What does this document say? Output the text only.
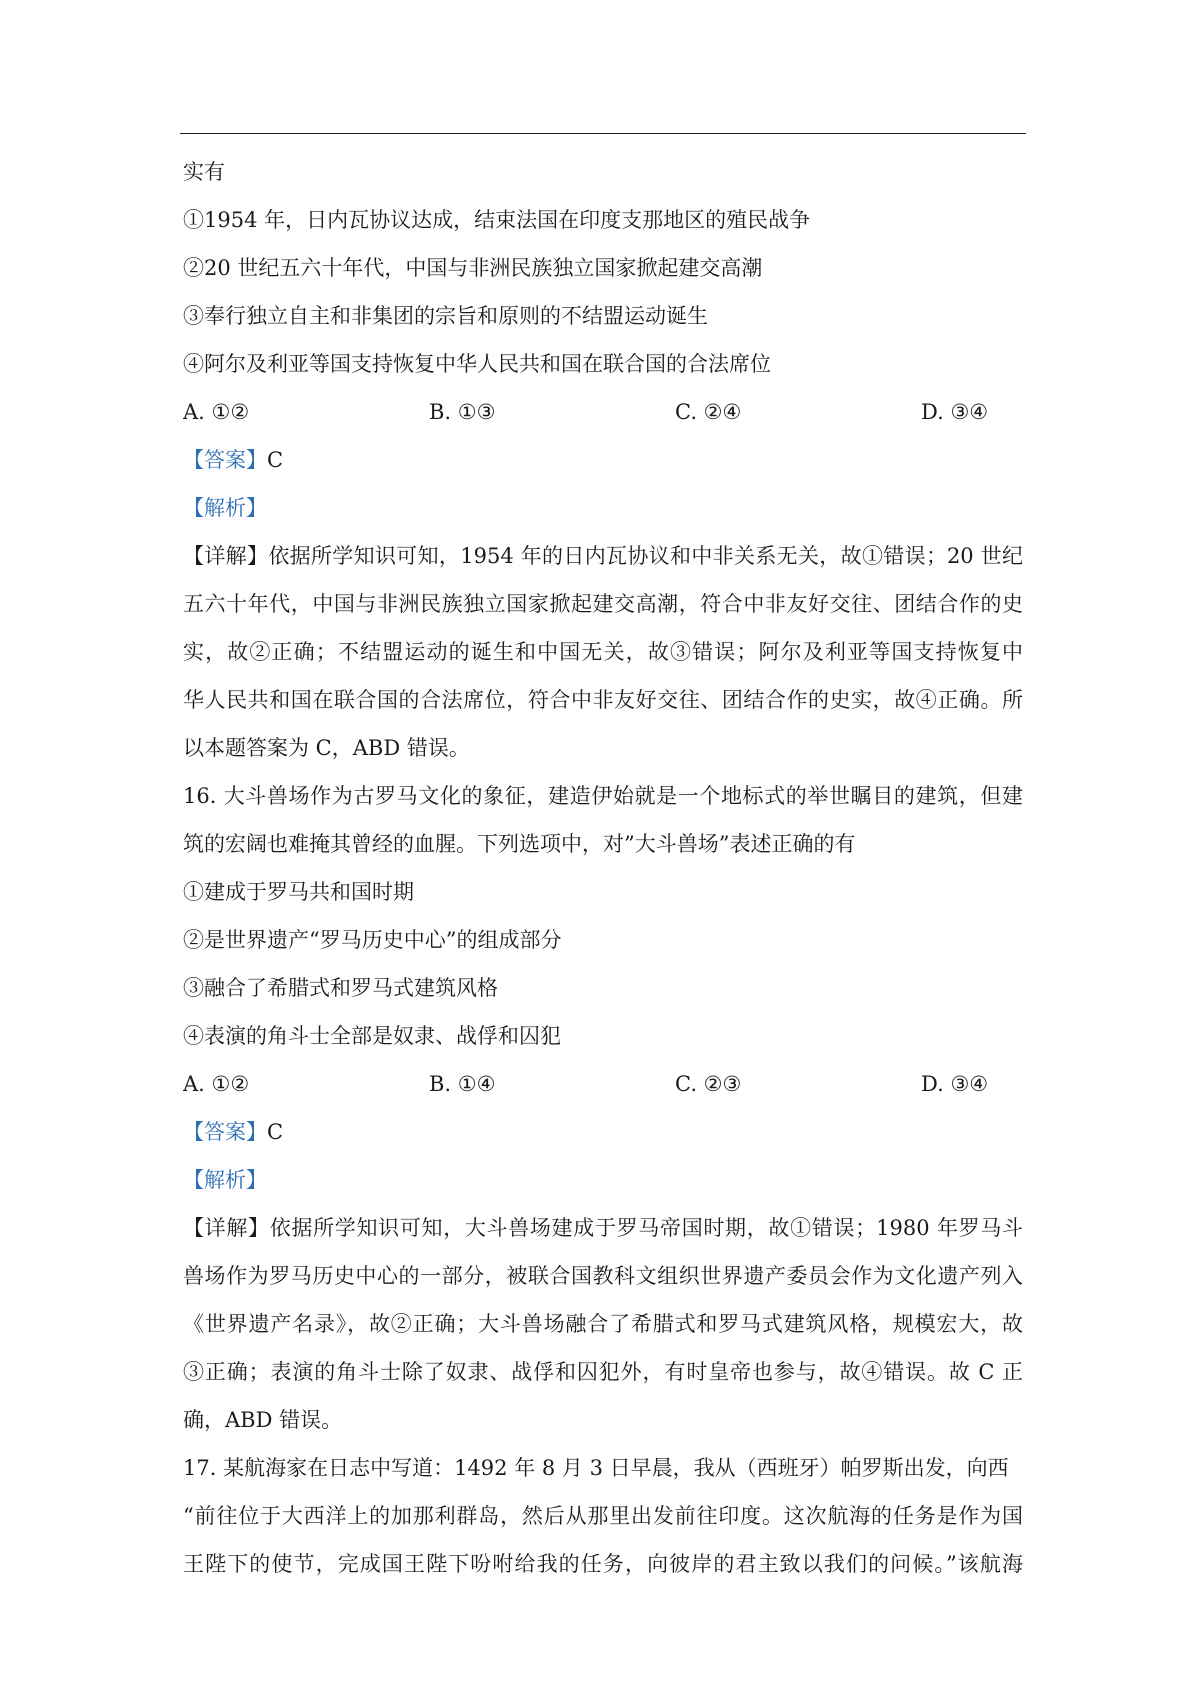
实有
①1954 年，日内瓦协议达成，结束法国在印度支那地区的殖民战争
②20 世纪五六十年代，中国与非洲民族独立国家掀起建交高潮
③奉行独立自主和非集团的宗旨和原则的不结盟运动诞生
④阿尔及利亚等国支持恢复中华人民共和国在联合国的合法席位
A. ①②	B. ①③	C. ②④	D. ③④
【答案】C
【解析】
【详解】依据所学知识可知，1954 年的日内瓦协议和中非关系无关，故①错误；20 世纪
五六十年代，中国与非洲民族独立国家掀起建交高潮，符合中非友好交往、团结合作的史
实，故②正确；不结盟运动的诞生和中国无关，故③错误；阿尔及利亚等国支持恢复中
华人民共和国在联合国的合法席位，符合中非友好交往、团结合作的史实，故④正确。所
以本题答案为 C，ABD 错误。
16. 大斗兽场作为古罗马文化的象征，建造伊始就是一个地标式的举世瞩目的建筑，但建
筑的宏阔也难掩其曾经的血腥。下列选项中，对”大斗兽场”表述正确的有
①建成于罗马共和国时期
②是世界遗产“罗马历史中心”的组成部分
③融合了希腊式和罗马式建筑风格
④表演的角斗士全部是奴隶、战俘和囚犯
A. ①②	B. ①④	C. ②③	D. ③④
【答案】C
【解析】
【详解】依据所学知识可知，大斗兽场建成于罗马帝国时期，故①错误；1980 年罗马斗
兽场作为罗马历史中心的一部分，被联合国教科文组织世界遗产委员会作为文化遗产列入
《世界遗产名录》，故②正确；大斗兽场融合了希腊式和罗马式建筑风格，规模宏大，故
③正确；表演的角斗士除了奴隶、战俘和囚犯外，有时皇帝也参与，故④错误。故 C 正
确，ABD 错误。
17. 某航海家在日志中写道：1492 年 8 月 3 日早晨，我从（西班牙）帕罗斯出发，向西
“前往位于大西洋上的加那利群岛，然后从那里出发前往印度。这次航海的任务是作为国
王陛下的使节，完成国王陛下吩咐给我的任务，向彼岸的君主致以我们的问候。”该航海
